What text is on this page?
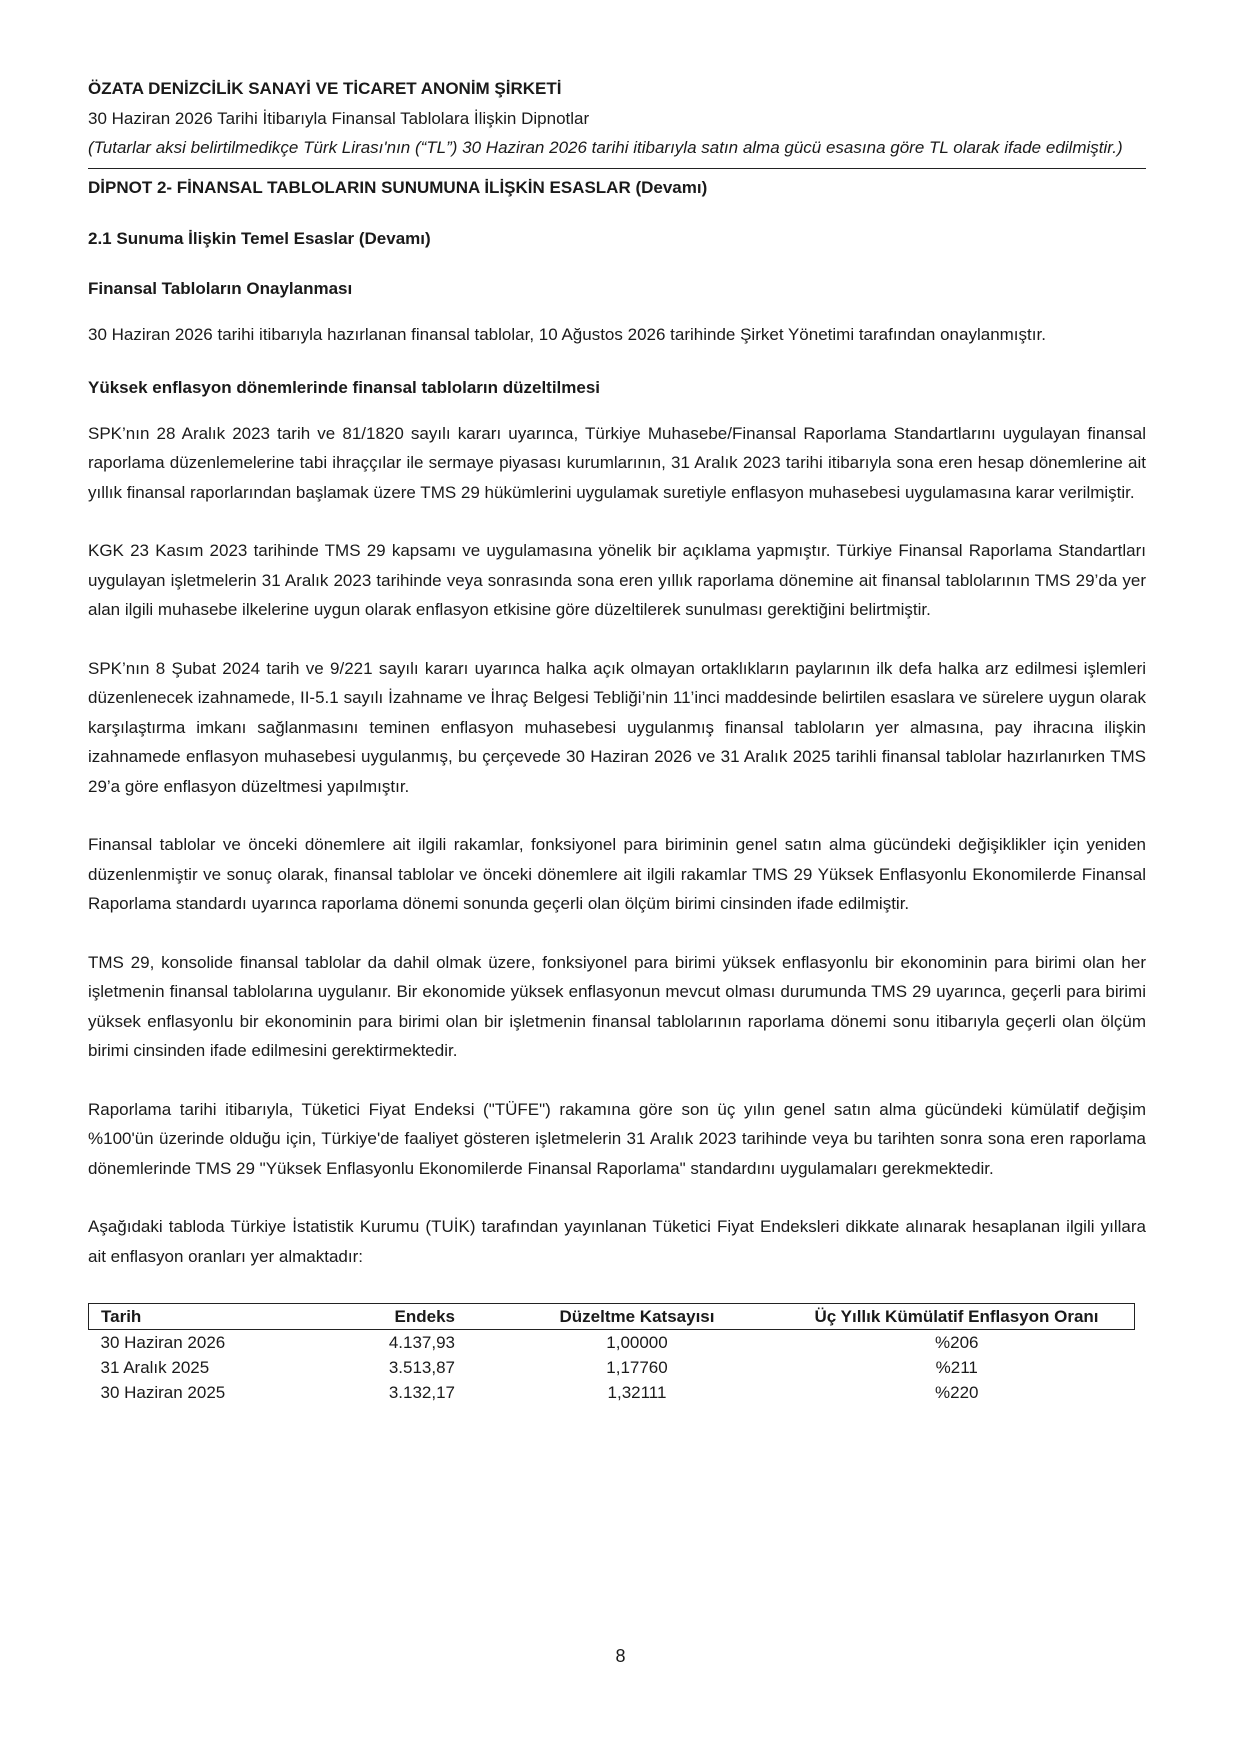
ÖZATA DENİZCİLİK SANAYİ VE TİCARET ANONİM ŞİRKETİ

30 Haziran 2026 Tarihi İtibarıyla Finansal Tablolara İlişkin Dipnotlar

(Tutarlar aksi belirtilmedikçe Türk Lirası'nın (“TL”) 30 Haziran 2026 tarihi itibarıyla satın alma gücü esasına göre TL olarak ifade edilmiştir.)

DİPNOT 2- FİNANSAL TABLOLARIN SUNUMUNA İLİŞKİN ESASLAR (Devamı)

2.1 Sunuma İlişkin Temel Esaslar (Devamı)

Finansal Tabloların Onaylanması

30 Haziran 2026 tarihi itibarıyla hazırlanan finansal tablolar, 10 Ağustos 2026 tarihinde Şirket Yönetimi tarafından onaylanmıştır.

Yüksek enflasyon dönemlerinde finansal tabloların düzeltilmesi

SPK’nın 28 Aralık 2023 tarih ve 81/1820 sayılı kararı uyarınca, Türkiye Muhasebe/Finansal Raporlama Standartlarını uygulayan finansal raporlama düzenlemelerine tabi ihraççılar ile sermaye piyasası kurumlarının, 31 Aralık 2023 tarihi itibarıyla sona eren hesap dönemlerine ait yıllık finansal raporlarından başlamak üzere TMS 29 hükümlerini uygulamak suretiyle enflasyon muhasebesi uygulamasına karar verilmiştir.

KGK 23 Kasım 2023 tarihinde TMS 29 kapsamı ve uygulamasına yönelik bir açıklama yapmıştır. Türkiye Finansal Raporlama Standartları uygulayan işletmelerin 31 Aralık 2023 tarihinde veya sonrasında sona eren yıllık raporlama dönemine ait finansal tablolarının TMS 29’da yer alan ilgili muhasebe ilkelerine uygun olarak enflasyon etkisine göre düzeltilerek sunulması gerektiğini belirtmiştir.

SPK’nın 8 Şubat 2024 tarih ve 9/221 sayılı kararı uyarınca halka açık olmayan ortaklıkların paylarının ilk defa halka arz edilmesi işlemleri düzenlenecek izahnamede, II-5.1 sayılı İzahname ve İhraç Belgesi Tebliği’nin 11’inci maddesinde belirtilen esaslara ve sürelere uygun olarak karşılaştırma imkanı sağlanmasını teminen enflasyon muhasebesi uygulanmış finansal tabloların yer almasına, pay ihracına ilişkin izahnamede enflasyon muhasebesi uygulanmış, bu çerçevede 30 Haziran 2026 ve 31 Aralık 2025 tarihli finansal tablolar hazırlanırken TMS 29’a göre enflasyon düzeltmesi yapılmıştır.

Finansal tablolar ve önceki dönemlere ait ilgili rakamlar, fonksiyonel para biriminin genel satın alma gücündeki değişiklikler için yeniden düzenlenmiştir ve sonuç olarak, finansal tablolar ve önceki dönemlere ait ilgili rakamlar TMS 29 Yüksek Enflasyonlu Ekonomilerde Finansal Raporlama standardı uyarınca raporlama dönemi sonunda geçerli olan ölçüm birimi cinsinden ifade edilmiştir.

TMS 29, konsolide finansal tablolar da dahil olmak üzere, fonksiyonel para birimi yüksek enflasyonlu bir ekonominin para birimi olan her işletmenin finansal tablolarına uygulanır. Bir ekonomide yüksek enflasyonun mevcut olması durumunda TMS 29 uyarınca, geçerli para birimi yüksek enflasyonlu bir ekonominin para birimi olan bir işletmenin finansal tablolarının raporlama dönemi sonu itibarıyla geçerli olan ölçüm birimi cinsinden ifade edilmesini gerektirmektedir.

Raporlama tarihi itibarıyla, Tüketici Fiyat Endeksi ("TÜFE") rakamına göre son üç yılın genel satın alma gücündeki kümülatif değişim %100'ün üzerinde olduğu için, Türkiye'de faaliyet gösteren işletmelerin 31 Aralık 2023 tarihinde veya bu tarihten sonra sona eren raporlama dönemlerinde TMS 29 "Yüksek Enflasyonlu Ekonomilerde Finansal Raporlama" standardını uygulamaları gerekmektedir.

Aşağıdaki tabloda Türkiye İstatistik Kurumu (TUİK) tarafından yayınlanan Tüketici Fiyat Endeksleri dikkate alınarak hesaplanan ilgili yıllara ait enflasyon oranları yer almaktadır:

Tarih	Endeks	Düzeltme Katsayısı	Üç Yıllık Kümülatif Enflasyon Oranı
30 Haziran 2026	4.137,93	1,00000	%206
31 Aralık 2025	3.513,87	1,17760	%211
30 Haziran 2025	3.132,17	1,32111	%220
8
